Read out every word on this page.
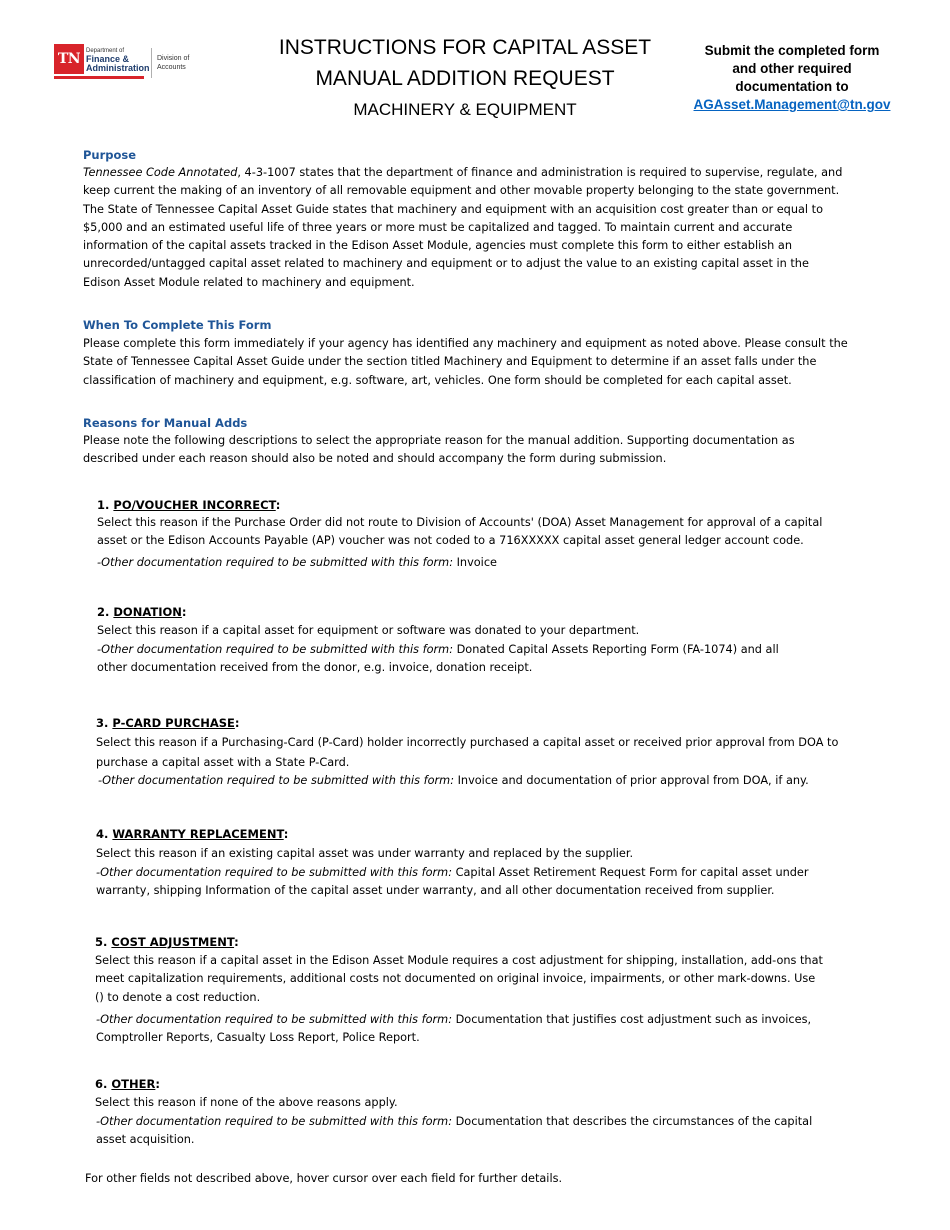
TN Department of
Finance &
Administration
Division of
Accounts
INSTRUCTIONS FOR CAPITAL ASSET
MANUAL ADDITION REQUEST
MACHINERY & EQUIPMENT
Submit the completed form
and other required
documentation to
AGAsset.Management@tn.gov
Purpose
Tennessee Code Annotated, 4-3-1007 states that the department of finance and administration is required to supervise, regulate, and
keep current the making of an inventory of all removable equipment and other movable property belonging to the state government.
The State of Tennessee Capital Asset Guide states that machinery and equipment with an acquisition cost greater than or equal to
$5,000 and an estimated useful life of three years or more must be capitalized and tagged. To maintain current and accurate
information of the capital assets tracked in the Edison Asset Module, agencies must complete this form to either establish an
unrecorded/untagged capital asset related to machinery and equipment or to adjust the value to an existing capital asset in the
Edison Asset Module related to machinery and equipment.
When To Complete This Form
Please complete this form immediately if your agency has identified any machinery and equipment as noted above. Please consult the
State of Tennessee Capital Asset Guide under the section titled Machinery and Equipment to determine if an asset falls under the
classification of machinery and equipment, e.g. software, art, vehicles. One form should be completed for each capital asset.
Reasons for Manual Adds
Please note the following descriptions to select the appropriate reason for the manual addition. Supporting documentation as
described under each reason should also be noted and should accompany the form during submission.
1. PO/VOUCHER INCORRECT:
Select this reason if the Purchase Order did not route to Division of Accounts' (DOA) Asset Management for approval of a capital
asset or the Edison Accounts Payable (AP) voucher was not coded to a 716XXXXX capital asset general ledger account code.
-Other documentation required to be submitted with this form: Invoice
2. DONATION:
Select this reason if a capital asset for equipment or software was donated to your department.
-Other documentation required to be submitted with this form: Donated Capital Assets Reporting Form (FA-1074) and all
other documentation received from the donor, e.g. invoice, donation receipt.
3. P-CARD PURCHASE:
Select this reason if a Purchasing-Card (P-Card) holder incorrectly purchased a capital asset or received prior approval from DOA to
purchase a capital asset with a State P-Card.
-Other documentation required to be submitted with this form: Invoice and documentation of prior approval from DOA, if any.
4. WARRANTY REPLACEMENT:
Select this reason if an existing capital asset was under warranty and replaced by the supplier.
-Other documentation required to be submitted with this form: Capital Asset Retirement Request Form for capital asset under
warranty, shipping Information of the capital asset under warranty, and all other documentation received from supplier.
5. COST ADJUSTMENT:
Select this reason if a capital asset in the Edison Asset Module requires a cost adjustment for shipping, installation, add-ons that
meet capitalization requirements, additional costs not documented on original invoice, impairments, or other mark-downs. Use
() to denote a cost reduction.
-Other documentation required to be submitted with this form: Documentation that justifies cost adjustment such as invoices,
Comptroller Reports, Casualty Loss Report, Police Report.
6. OTHER:
Select this reason if none of the above reasons apply.
-Other documentation required to be submitted with this form: Documentation that describes the circumstances of the capital
asset acquisition.
For other fields not described above, hover cursor over each field for further details.
